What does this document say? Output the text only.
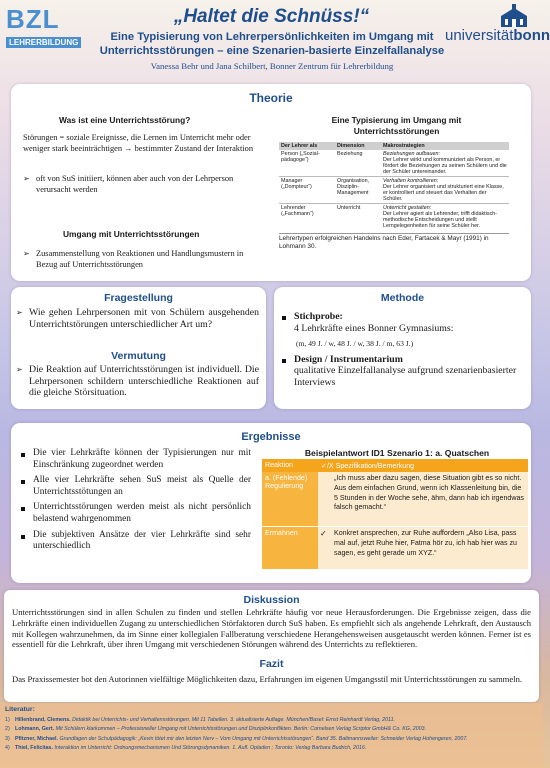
BZL
LEHRERBILDUNG	universitätbonn
„Haltet die Schnüss!“
Eine Typisierung von Lehrerpersönlichkeiten im Umgang mit
Unterrichtsstörungen – eine Szenarien-basierte Einzelfallanalyse
Vanessa Behr und Jana Schilbert, Bonner Zentrum für Lehrerbildung
Theorie
Was ist eine Unterrichtsstörung?
Störungen = soziale Ereignisse, die Lernen im Unterricht mehr oder weniger stark beeinträchtigen → bestimmter Zustand der Interaktion
➢ oft von SuS initiiert, können aber auch von der Lehrperson verursacht werden
Umgang mit Unterrichtsstörungen
➢ Zusammenstellung von Reaktionen und Handlungsmustern in Bezug auf Unterrichtsstörungen
Eine Typisierung im Umgang mit Unterrichtsstörungen
Der Lehrer als	Dimension	Makrostrategien
Person („Sozial-pädagoge“)	Beziehung	Beziehungen aufbauen:
Der Lehrer wirkt und kommuniziert als Person, er fördert die Beziehungen zu seinen Schülern und die der Schüler untereinander.
Manager („Dompteur“)	Organisation, Disziplin-Management	Verhalten kontrollieren:
Der Lehrer organisiert und strukturiert eine Klasse, er kontrolliert und steuert das Verhalten der Schüler.
Lehrender („Fachmann“)	Unterricht	Unterricht gestalten:
Der Lehrer agiert als Lehrender, trifft didaktisch-methodische Entscheidungen und stellt Lerngelegenheiten für seine Schüler her.
Lehrertypen erfolgreichen Handelns nach Eder, Fartacek & Mayr (1991) in Lohmann 30.
Fragestellung
➢ Wie gehen Lehrpersonen mit von Schülern ausgehenden Unterrichtstörungen unterschiedlicher Art um?
Vermutung
➢ Die Reaktion auf Unterrichtsstörungen ist individuell. Die Lehrpersonen schildern unterschiedliche Reaktionen auf die gleiche Störsituation.
Methode
Stichprobe:
4 Lehrkräfte eines Bonner Gymnasiums:
(m, 49 J. / w, 48 J. / w, 38 J. / m, 63 J.)
Design / Instrumentarium
qualitative Einzelfallanalyse aufgrund szenarienbasierter Interviews
Ergebnisse
Die vier Lehrkräfte können der Typisierungen nur mit Einschränkung zugeordnet werden
Alle vier Lehrkräfte sehen SuS meist als Quelle der Unterrichtsstötungen an
Unterrichtsstörungen werden meist als nicht persönlich belastend wahrgenommen
Die subjektiven Ansätze der vier Lehrkräfte sind sehr unterschiedlich
Beispielantwort ID1 Szenario 1: a. Quatschen
Reaktion	✓/X Spezifikation/Bemerkung
a. (Fehlende) Regulierung	„Ich muss aber dazu sagen, diese Situation gibt es so nicht. Aus dem einfachen Grund, wenn ich Klassenleitung bin, die 5 Stunden in der Woche sehe, ähm, dann hab ich irgendwas falsch gemacht.“
Ermahnen	✓ Konkret ansprechen, zur Ruhe auffordern „Also Lisa, pass mal auf, jetzt Ruhe hier, Fatma hör zu, ich hab hier was zu sagen, es geht gerade um XYZ.“
Diskussion
Unterrichtsstörungen sind in allen Schulen zu finden und stellen Lehrkräfte häufig vor neue Herausforderungen. Die Ergebnisse zeigen, dass die Lehrkräfte einen individuellen Zugang zu unterschiedlichen Störfaktoren durch SuS haben. Es empfiehlt sich als angehende Lehrkraft, den Austausch mit Kollegen wahrzunehmen, da im Sinne einer kollegialen Fallberatung verschiedene Herangehensweisen ausgetauscht werden können. Ferner ist es essentiell für die Lehrkraft, über ihren Umgang mit verschiedenen Störungen während des Unterrichts zu reflektieren.
Fazit
Das Praxissemester bot den Autorinnen vielfältige Möglichkeiten dazu, Erfahrungen im eigenen Umgangsstil mit Unterrichtsstörungen zu sammeln.
Literatur:
1) Hillenbrand, Clemens. Didaktik bei Unterrichts- und Verhaltensstörungen. Mit 11 Tabellen. 3. aktualisierte Auflage. München/Basel: Ernst Reinhardt Verlag, 2011.
2) Lohmann, Gert. Mit Schülern klarkommen – Professioneller Umgang mit Unterrichtsstörungen und Disziplinkonflikten. Berlin: Cornelsen Verlag Scriptor GmbH& Co. KG, 2003.
3) Pfitzner, Michael. Grundlagen der Schulpädagogik: „Kevin tötet mir den letzten Nerv – Vom Umgang mit Unterrichtsstörungen“. Band 35. Baltmannsweiler: Schneider Verlag Hohengeren, 2007.
4) Thiel, Felicitas. Interaktion im Unterricht: Ordnungsmechanismen Und Störungsdynamiken. 1. Aufl. Opladen ; Toronto: Verlag Barbara Budrich, 2016.
